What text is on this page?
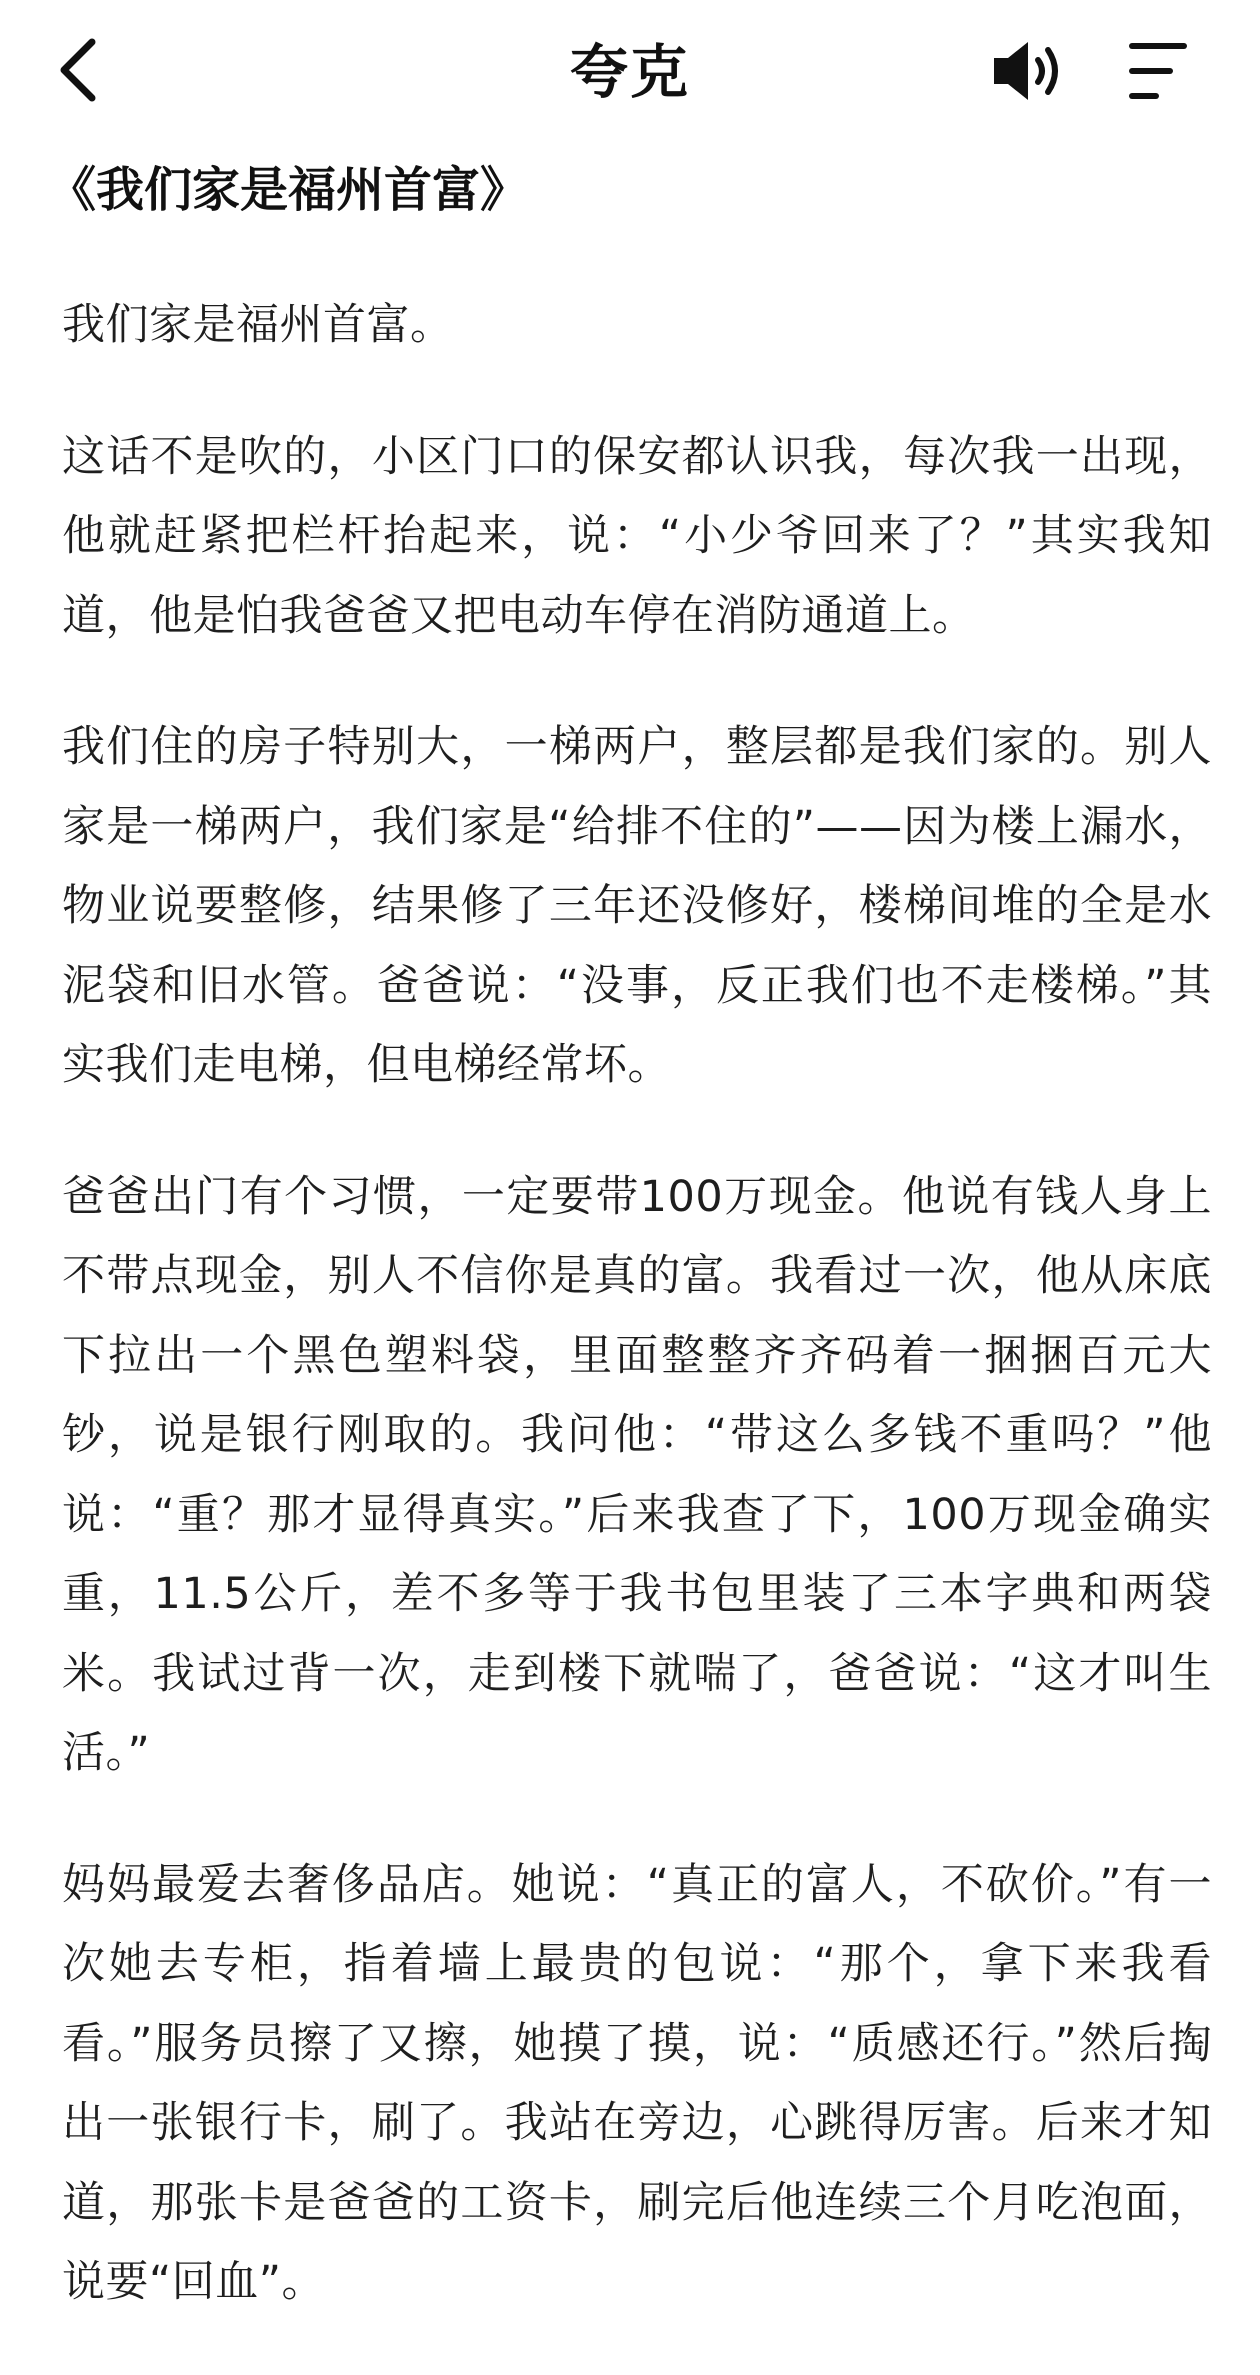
夸克
《我们家是福州首富》

我们家是福州首富。

这话不是吹的，小区门口的保安都认识我，每次我一出现，他就赶紧把栏杆抬起来，说：“小少爷回来了？”其实我知道，他是怕我爸爸又把电动车停在消防通道上。

我们住的房子特别大，一梯两户，整层都是我们家的。别人家是一梯两户，我们家是“给排不住的”——因为楼上漏水，物业说要整修，结果修了三年还没修好，楼梯间堆的全是水泥袋和旧水管。爸爸说：“没事，反正我们也不走楼梯。”其实我们走电梯，但电梯经常坏。

爸爸出门有个习惯，一定要带100万现金。他说有钱人身上不带点现金，别人不信你是真的富。我看过一次，他从床底下拉出一个黑色塑料袋，里面整整齐齐码着一捆捆百元大钞，说是银行刚取的。我问他：“带这么多钱不重吗？”他说：“重？那才显得真实。”后来我查了下，100万现金确实重，11.5公斤，差不多等于我书包里装了三本字典和两袋米。我试过背一次，走到楼下就喘了，爸爸说：“这才叫生活。”

妈妈最爱去奢侈品店。她说：“真正的富人，不砍价。”有一次她去专柜，指着墙上最贵的包说：“那个，拿下来我看看。”服务员擦了又擦，她摸了摸，说：“质感还行。”然后掏出一张银行卡，刷了。我站在旁边，心跳得厉害。后来才知道，那张卡是爸爸的工资卡，刷完后他连续三个月吃泡面，说要“回血”。
